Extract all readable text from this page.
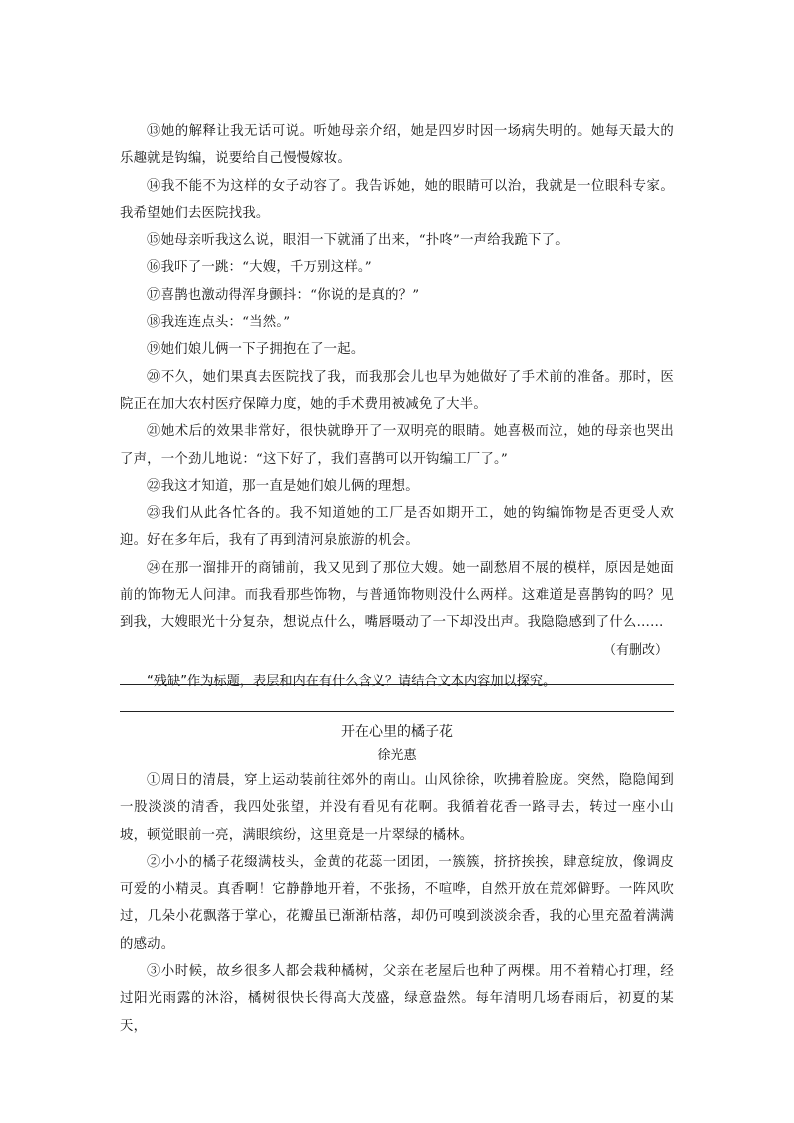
⑬她的解释让我无话可说。听她母亲介绍，她是四岁时因一场病失明的。她每天最大的乐趣就是钩编，说要给自己慢慢嫁妆。

⑭我不能不为这样的女子动容了。我告诉她，她的眼睛可以治，我就是一位眼科专家。我希望她们去医院找我。

⑮她母亲听我这么说，眼泪一下就涌了出来，“扑咚”一声给我跪下了。

⑯我吓了一跳：“大嫂，千万别这样。”

⑰喜鹊也激动得浑身颤抖：“你说的是真的？”

⑱我连连点头：“当然。”

⑲她们娘儿俩一下子拥抱在了一起。

⑳不久，她们果真去医院找了我，而我那会儿也早为她做好了手术前的准备。那时，医院正在加大农村医疗保障力度，她的手术费用被减免了大半。

㉑她术后的效果非常好，很快就睁开了一双明亮的眼睛。她喜极而泣，她的母亲也哭出了声，一个劲儿地说：“这下好了，我们喜鹊可以开钩编工厂了。”

㉒我这才知道，那一直是她们娘儿俩的理想。

㉓我们从此各忙各的。我不知道她的工厂是否如期开工，她的钩编饰物是否更受人欢迎。好在多年后，我有了再到清河泉旅游的机会。

㉔在那一溜排开的商铺前，我又见到了那位大嫂。她一副愁眉不展的模样，原因是她面前的饰物无人问津。而我看那些饰物，与普通饰物则没什么两样。这难道是喜鹊钩的吗？见到我，大嫂眼光十分复杂，想说点什么，嘴唇嗫动了一下却没出声。我隐隐感到了什么……

（有删改）

“残缺”作为标题，表层和内在有什么含义？请结合文本内容加以探究。

开在心里的橘子花

徐光惠

①周日的清晨，穿上运动装前往郊外的南山。山风徐徐，吹拂着脸庞。突然，隐隐闻到一股淡淡的清香，我四处张望，并没有看见有花啊。我循着花香一路寻去，转过一座小山坡，顿觉眼前一亮，满眼缤纷，这里竟是一片翠绿的橘林。

②小小的橘子花缀满枝头，金黄的花蕊一团团，一簇簇，挤挤挨挨，肆意绽放，像调皮可爱的小精灵。真香啊！它静静地开着，不张扬，不喧哗，自然开放在荒郊僻野。一阵风吹过，几朵小花飘落于掌心，花瓣虽已渐渐枯落，却仍可嗅到淡淡余香，我的心里充盈着满满的感动。

③小时候，故乡很多人都会栽种橘树，父亲在老屋后也种了两棵。用不着精心打理，经过阳光雨露的沐浴，橘树很快长得高大茂盛，绿意盎然。每年清明几场春雨后，初夏的某天，
